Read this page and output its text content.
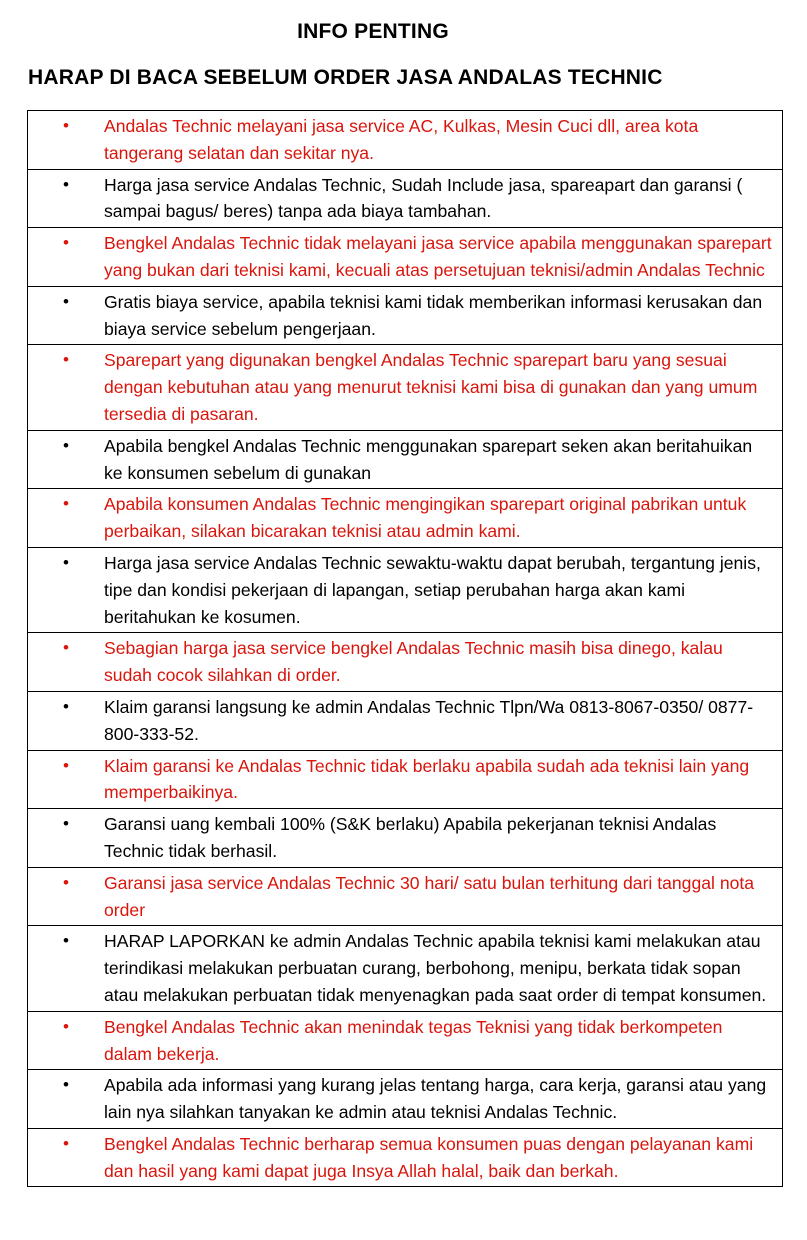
INFO PENTING
HARAP DI BACA SEBELUM ORDER JASA ANDALAS TECHNIC
•	Andalas Technic melayani jasa service AC, Kulkas, Mesin Cuci dll, area kota tangerang selatan dan sekitar nya.

•	Harga jasa service Andalas Technic, Sudah Include jasa, spareapart dan garansi ( sampai bagus/ beres) tanpa ada biaya tambahan.

•	Bengkel Andalas Technic tidak melayani jasa service apabila menggunakan sparepart yang bukan dari teknisi kami, kecuali atas persetujuan teknisi/admin Andalas Technic

•	Gratis biaya service, apabila teknisi kami tidak memberikan informasi kerusakan dan biaya service sebelum pengerjaan.

•	Sparepart yang digunakan bengkel Andalas Technic sparepart baru yang sesuai dengan kebutuhan atau yang menurut teknisi kami bisa di gunakan dan yang umum tersedia di pasaran.

•	Apabila bengkel Andalas Technic menggunakan sparepart seken akan beritahuikan ke konsumen sebelum di gunakan

•	Apabila konsumen Andalas Technic mengingikan sparepart original pabrikan untuk perbaikan, silakan bicarakan teknisi atau admin kami.

•	Harga jasa service Andalas Technic sewaktu-waktu dapat berubah, tergantung jenis, tipe dan kondisi pekerjaan di lapangan, setiap perubahan harga akan kami beritahukan ke kosumen.

•	Sebagian harga jasa service bengkel Andalas Technic masih bisa dinego, kalau sudah cocok silahkan di order.

•	Klaim garansi langsung ke admin Andalas Technic Tlpn/Wa 0813-8067-0350/ 0877-800-333-52.

•	Klaim garansi ke Andalas Technic tidak berlaku apabila sudah ada teknisi lain yang memperbaikinya.

•	Garansi uang kembali 100% (S&K berlaku) Apabila pekerjanan teknisi Andalas Technic tidak berhasil.

•	Garansi jasa service Andalas Technic 30 hari/ satu bulan terhitung dari tanggal nota order

•	HARAP LAPORKAN ke admin Andalas Technic apabila teknisi kami melakukan atau terindikasi melakukan perbuatan curang, berbohong, menipu, berkata tidak sopan atau melakukan perbuatan tidak menyenagkan pada saat order di tempat konsumen.

•	Bengkel Andalas Technic akan menindak tegas Teknisi yang tidak berkompeten dalam bekerja.

•	Apabila ada informasi yang kurang jelas tentang harga, cara kerja, garansi atau yang lain nya silahkan tanyakan ke admin atau teknisi Andalas Technic.

•	Bengkel Andalas Technic berharap semua konsumen puas dengan pelayanan kami dan hasil yang kami dapat juga Insya Allah halal, baik dan berkah.
